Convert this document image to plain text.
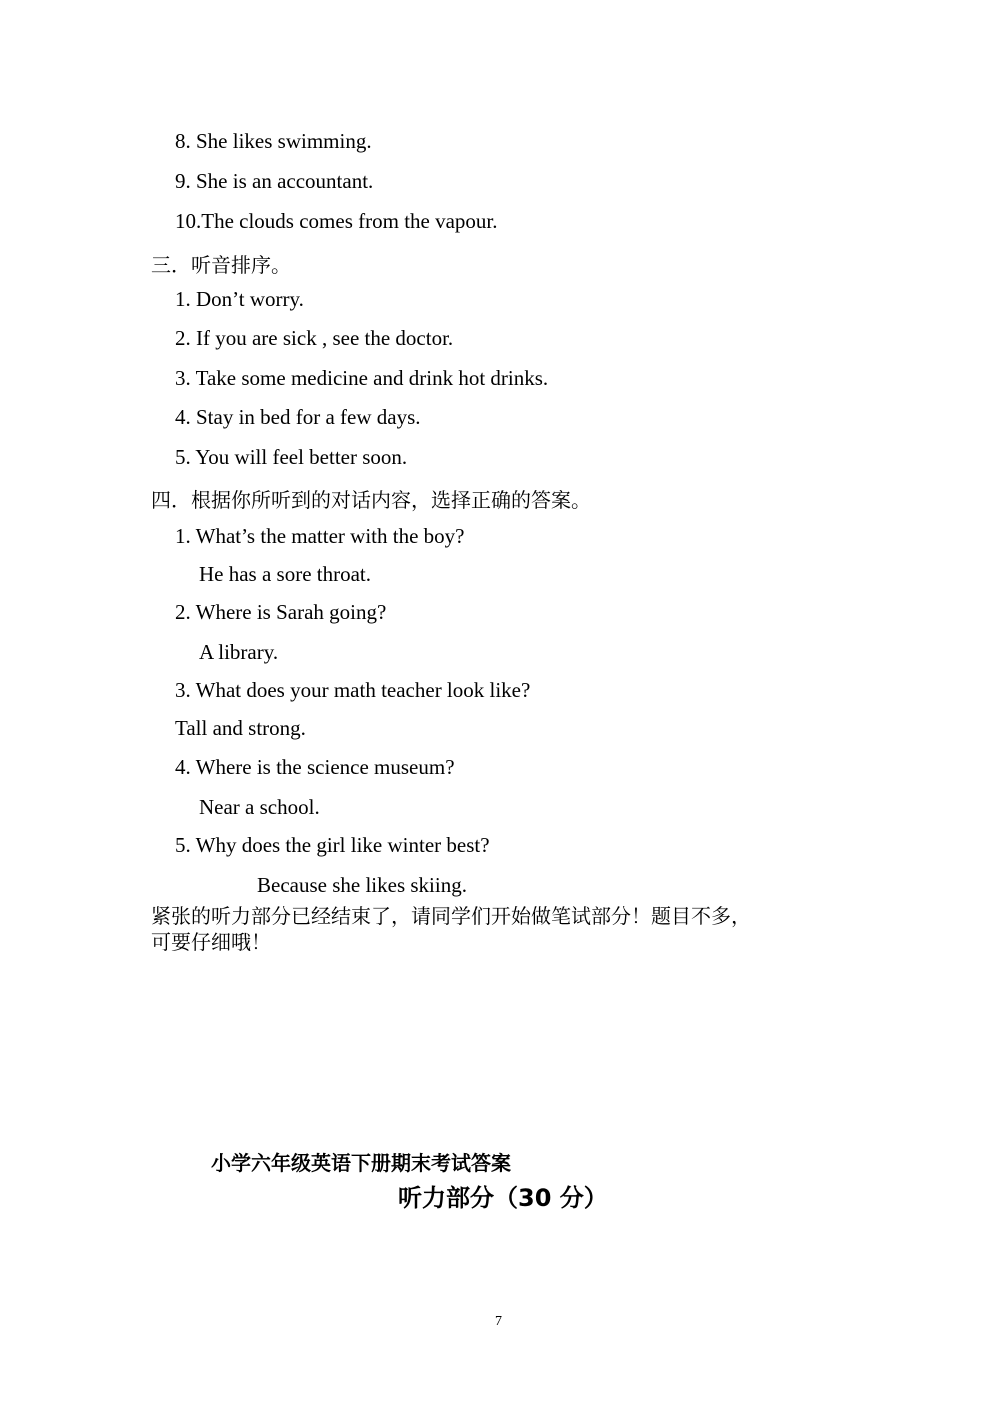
8. She likes swimming.
9. She is an accountant.
10.The clouds comes from the vapour.
三．听音排序。
1. Don’t worry.
2. If you are sick , see the doctor.
3. Take some medicine and drink hot drinks.
4. Stay in bed for a few days.
5. You will feel better soon.
四．根据你所听到的对话内容，选择正确的答案。
1. What’s the matter with the boy?
He has a sore throat.
2. Where is Sarah going?
A library.
3. What does your math teacher look like?
Tall and strong.
4. Where is the science museum?
Near a school.
5. Why does the girl like winter best?
Because she likes skiing.
紧张的听力部分已经结束了，请同学们开始做笔试部分！题目不多，
可要仔细哦！
小学六年级英语下册期末考试答案
听力部分（30 分）
7
